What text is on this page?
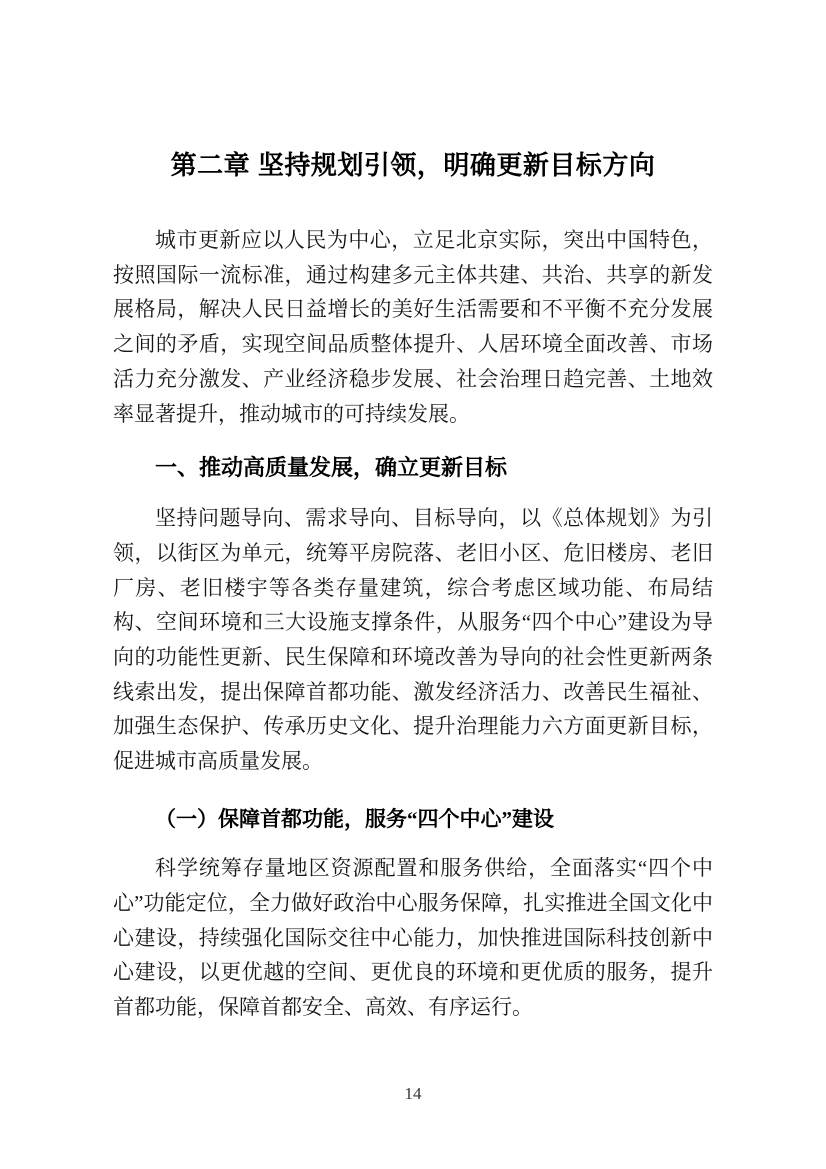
第二章 坚持规划引领，明确更新目标方向

城市更新应以人民为中心，立足北京实际，突出中国特色，按照国际一流标准，通过构建多元主体共建、共治、共享的新发展格局，解决人民日益增长的美好生活需要和不平衡不充分发展之间的矛盾，实现空间品质整体提升、人居环境全面改善、市场活力充分激发、产业经济稳步发展、社会治理日趋完善、土地效率显著提升，推动城市的可持续发展。

一、推动高质量发展，确立更新目标

坚持问题导向、需求导向、目标导向，以《总体规划》为引领，以街区为单元，统筹平房院落、老旧小区、危旧楼房、老旧厂房、老旧楼宇等各类存量建筑，综合考虑区域功能、布局结构、空间环境和三大设施支撑条件，从服务“四个中心”建设为导向的功能性更新、民生保障和环境改善为导向的社会性更新两条线索出发，提出保障首都功能、激发经济活力、改善民生福祉、加强生态保护、传承历史文化、提升治理能力六方面更新目标，促进城市高质量发展。

（一）保障首都功能，服务“四个中心”建设

科学统筹存量地区资源配置和服务供给，全面落实“四个中心”功能定位，全力做好政治中心服务保障，扎实推进全国文化中心建设，持续强化国际交往中心能力，加快推进国际科技创新中心建设，以更优越的空间、更优良的环境和更优质的服务，提升首都功能，保障首都安全、高效、有序运行。

14
